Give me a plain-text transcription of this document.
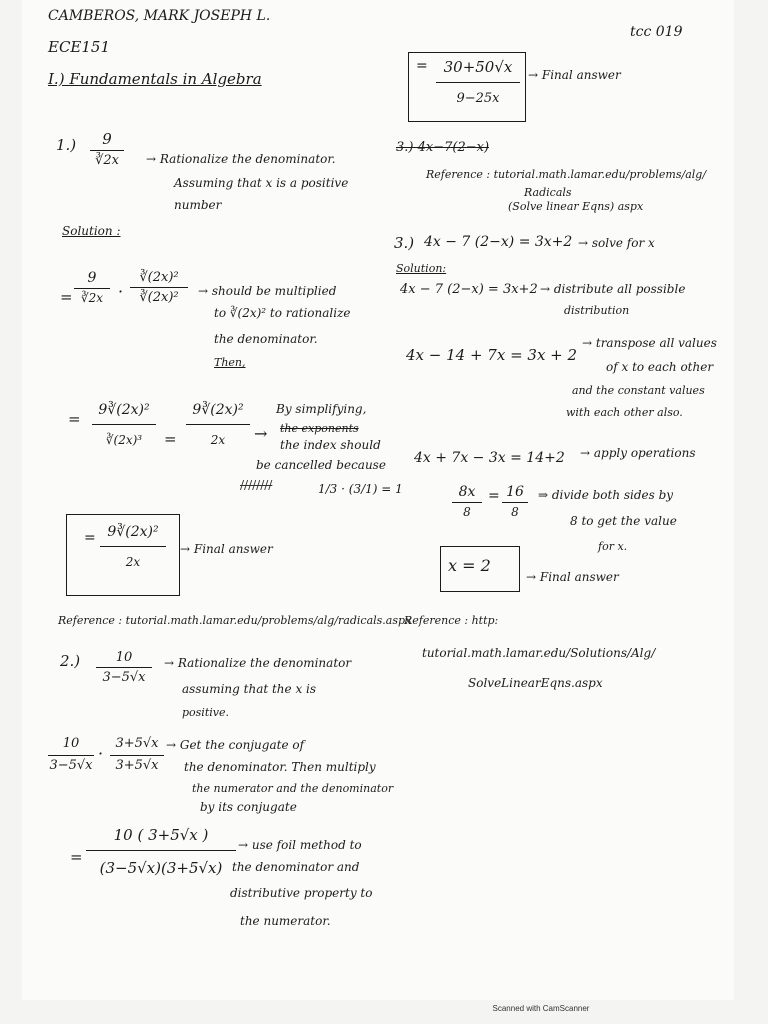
CAMBEROS, MARK JOSEPH L.
ECE151
tcc 019
I.) Fundamentals in Algebra
1.) 9
∛2x → Rationalize the denominator.
Assuming that x is a positive
number
Solution :
=
9
∛2x ·
∛(2x)²
∛(2x)² → should be multiplied
to ∛(2x)² to rationalize
the denominator.
Then,
= 9∛(2x)²
∛(2x)³ =
9∛(2x)²
2x →
By simplifying,
the exponents
the index should
be cancelled because
1/3 · (3/1) = 1
////////
= 9∛(2x)²
2x
→ Final answer
Reference : tutorial.math.lamar.edu/problems/alg/radicals.aspx
2.)	10
3−5√x
→ Rationalize the denominator
assuming that the x is
positive.
10
3−5√x
·
3+5√x
3+5√x
→ Get the conjugate of
the denominator. Then multiply
the numerator and the denominator
by its conjugate
=
10 ( 3+5√x )
(3−5√x)(3+5√x)
→ use foil method to
the denominator and
distributive property to
the numerator.
= 30+50√x
9−25x
→ Final answer
3.) 4x−7(2−x)
Reference : tutorial.math.lamar.edu/problems/alg/
Radicals
(Solve linear Eqns) aspx
3.) 4x − 7 (2−x) = 3x+2 → solve for x
Solution:
4x − 7 (2−x) = 3x+2 → distribute all possible
distribution
4x − 14 + 7x = 3x + 2
→ transpose all values
of x to each other
and the constant values
with each other also.
4x + 7x − 3x = 14+2 → apply operations
8x
8
= 16
8
⇒ divide both sides by
8 to get the value
for x.
x = 2
→ Final answer
Reference : http:
tutorial.math.lamar.edu/Solutions/Alg/
SolveLinearEqns.aspx
Scanned with CamScanner
